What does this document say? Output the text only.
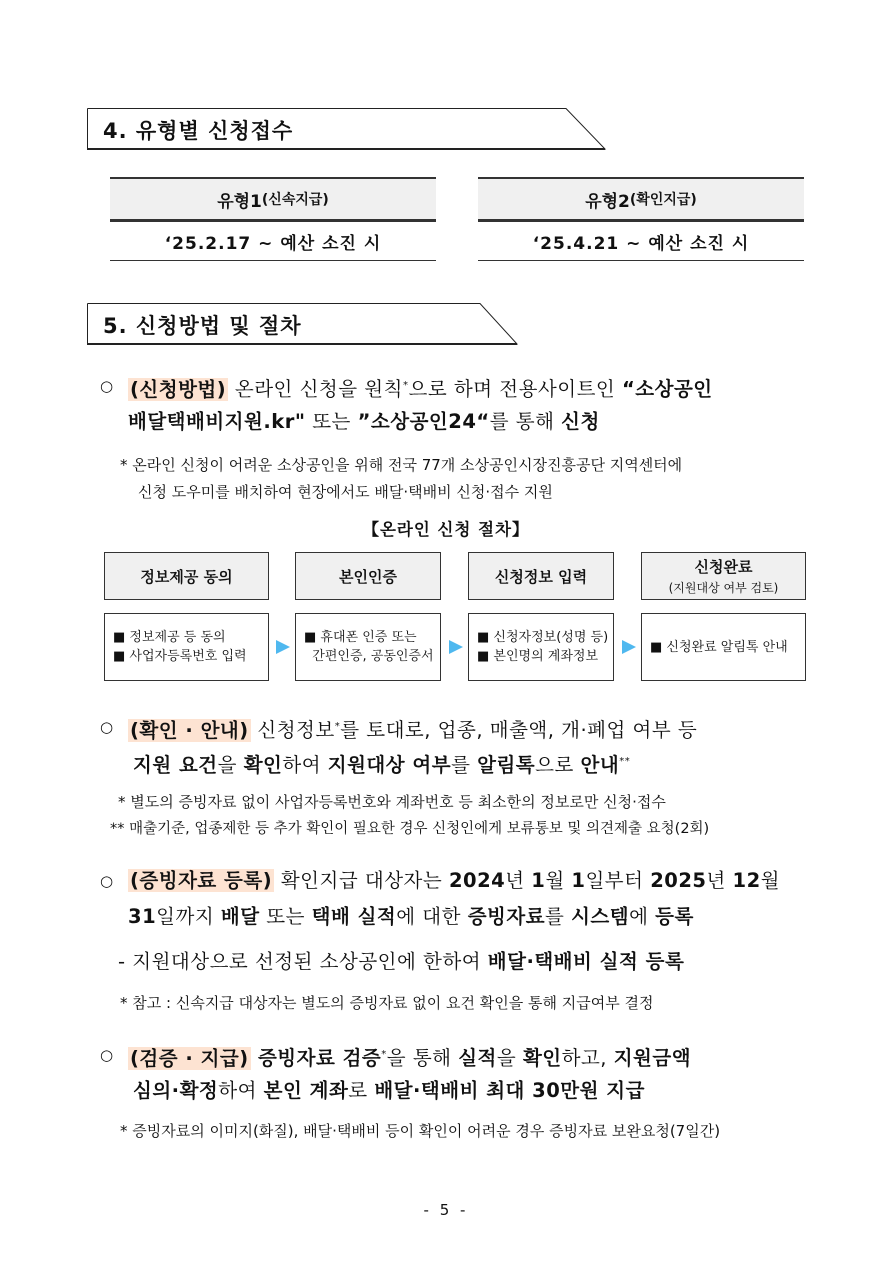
4. 유형별 신청접수
유형1 (신속지급)
‘25.2.17 ~ 예산 소진 시
유형2 (확인지급)
‘25.4.21 ~ 예산 소진 시
5. 신청방법 및 절차
○ (신청방법) 온라인 신청을 원칙*으로 하며 전용사이트인 “소상공인
배달택배비지원.kr" 또는 ”소상공인24“를 통해 신청
* 온라인 신청이 어려운 소상공인을 위해 전국 77개 소상공인시장진흥공단 지역센터에
신청 도우미를 배치하여 현장에서도 배달·택배비 신청·접수 지원
【온라인 신청 절차】
정보제공 동의	본인인증	신청정보 입력
신청완료
(지원대상 여부 검토)
■ 정보제공 등 동의
■ 사업자등록번호 입력
■ 휴대폰 인증 또는
간편인증, 공동인증서
■ 신청자정보(성명 등)
■ 본인명의 계좌정보
■ 신청완료 알림톡 안내
○ (확인 · 안내) 신청정보*를 토대로, 업종, 매출액, 개·폐업 여부 등
지원 요건을 확인하여 지원대상 여부를 알림톡으로 안내**
* 별도의 증빙자료 없이 사업자등록번호와 계좌번호 등 최소한의 정보로만 신청·접수
** 매출기준, 업종제한 등 추가 확인이 필요한 경우 신청인에게 보류통보 및 의견제출 요청(2회)
○ (증빙자료 등록) 확인지급 대상자는 2024년 1월 1일부터 2025년 12월
31일까지 배달 또는 택배 실적에 대한 증빙자료를 시스템에 등록
- 지원대상으로 선정된 소상공인에 한하여 배달·택배비 실적 등록
* 참고 : 신속지급 대상자는 별도의 증빙자료 없이 요건 확인을 통해 지급여부 결정
○ (검증 · 지급) 증빙자료 검증*을 통해 실적을 확인하고, 지원금액
심의·확정하여 본인 계좌로 배달·택배비 최대 30만원 지급
* 증빙자료의 이미지(화질), 배달·택배비 등이 확인이 어려운 경우 증빙자료 보완요청(7일간)
- 5 -
